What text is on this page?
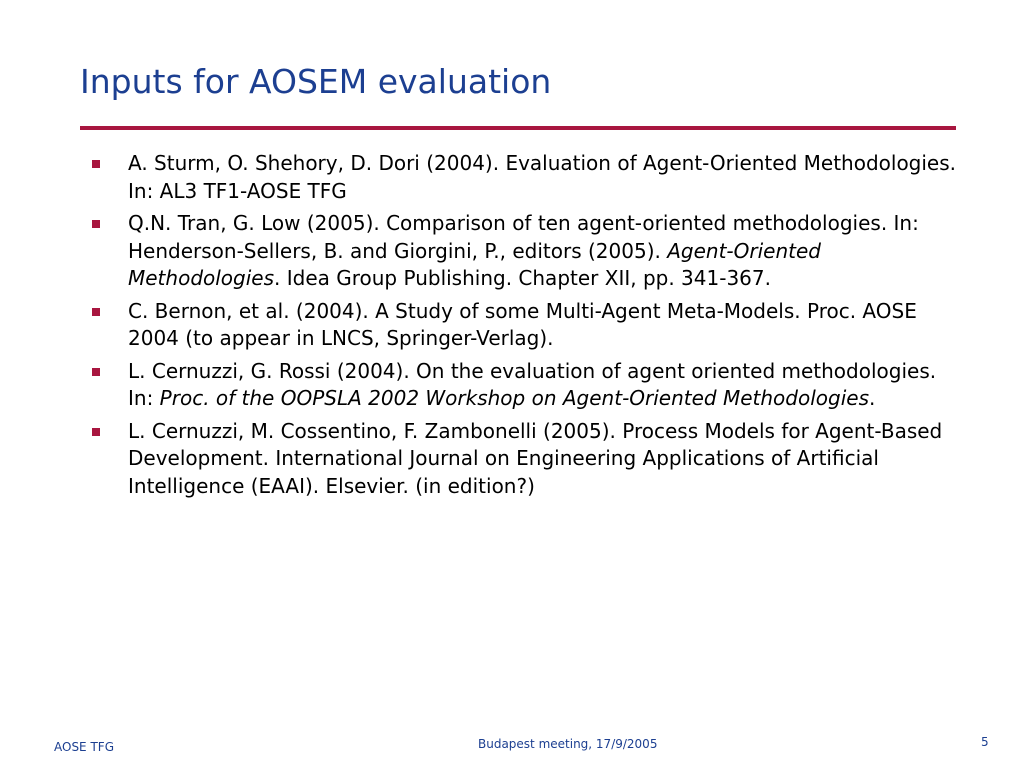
Inputs for AOSEM evaluation
A. Sturm, O. Shehory, D. Dori (2004). Evaluation of Agent-Oriented Methodologies. In: AL3 TF1-AOSE TFG
Q.N. Tran, G. Low (2005). Comparison of ten agent-oriented methodologies. In: Henderson-Sellers, B. and Giorgini, P., editors (2005). Agent-Oriented Methodologies. Idea Group Publishing. Chapter XII, pp. 341-367.
C. Bernon, et al. (2004). A Study of some Multi-Agent Meta-Models. Proc. AOSE 2004 (to appear in LNCS, Springer-Verlag).
L. Cernuzzi, G. Rossi (2004). On the evaluation of agent oriented methodologies. In: Proc. of the OOPSLA 2002 Workshop on Agent-Oriented Methodologies.
L. Cernuzzi, M. Cossentino, F. Zambonelli (2005). Process Models for Agent-Based Development. International Journal on Engineering Applications of Artificial Intelligence (EAAI). Elsevier. (in edition?)
AOSE TFG	Budapest meeting, 17/9/2005	5
